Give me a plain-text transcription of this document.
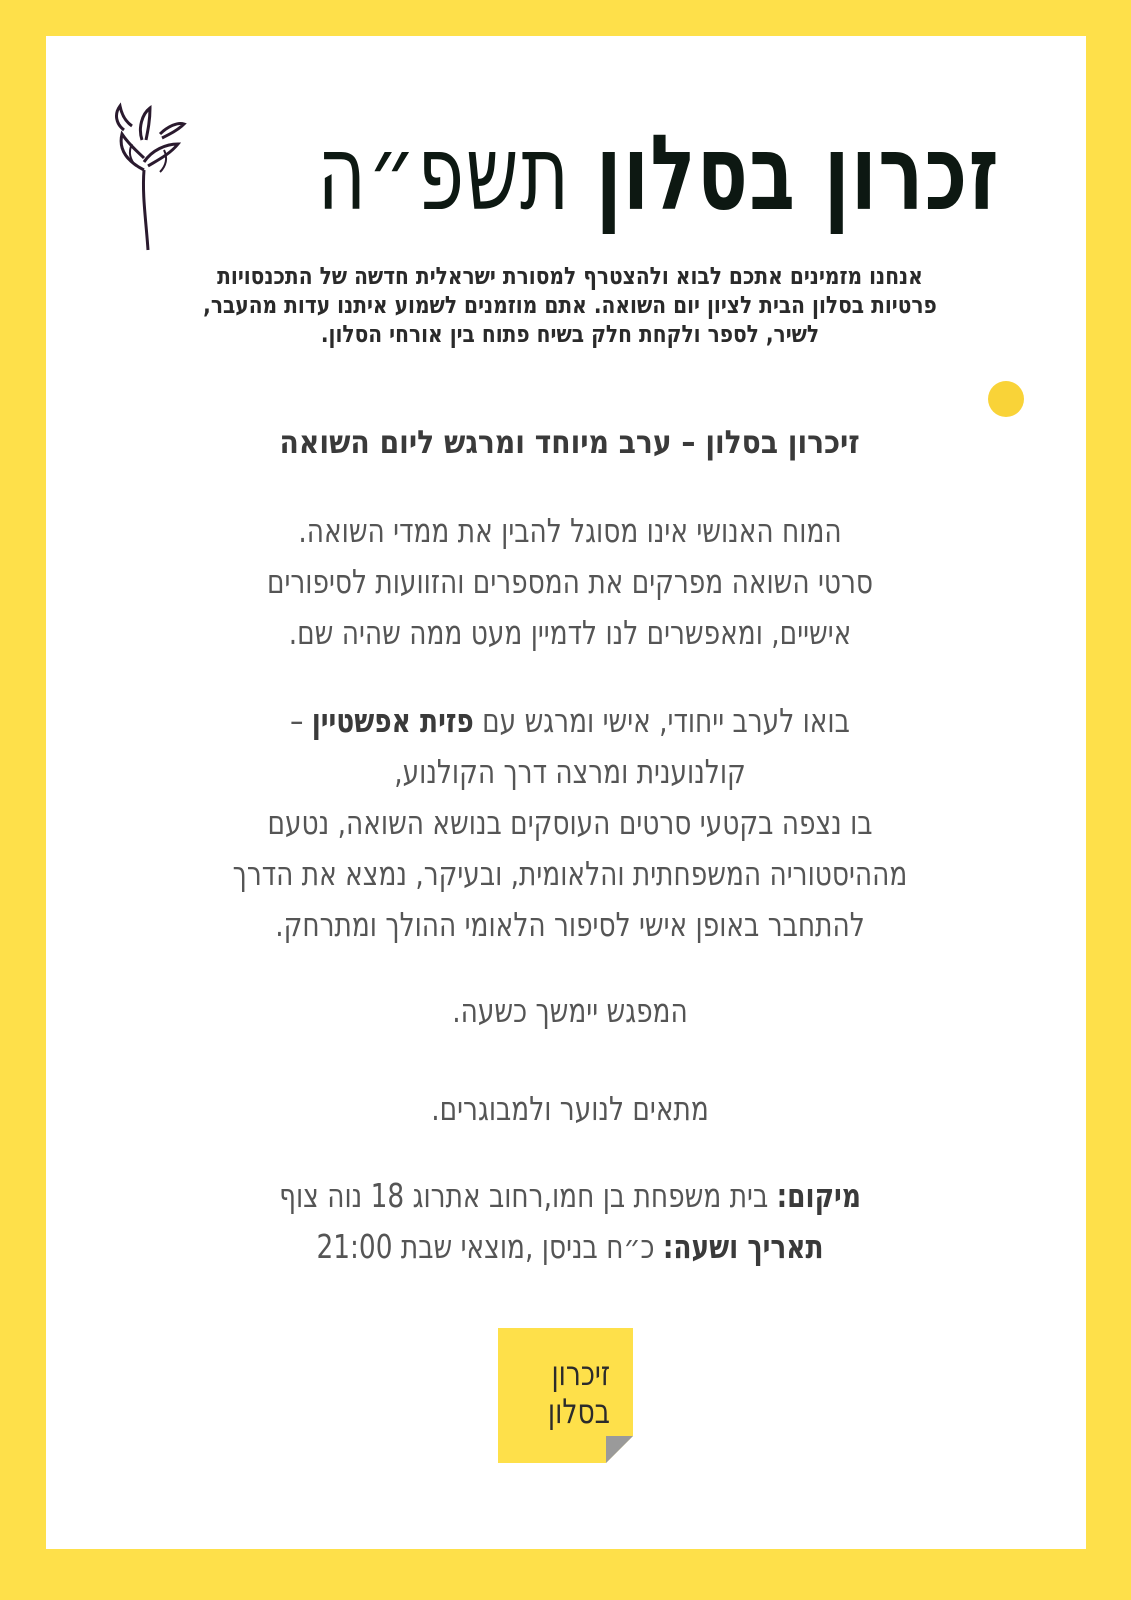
זכרון בסלון תשפ״ה
אנחנו מזמינים אתכם לבוא ולהצטרף למסורת ישראלית חדשה של התכנסויות
פרטיות בסלון הבית לציון יום השואה. אתם מוזמנים לשמוע איתנו עדות מהעבר,
לשיר, לספר ולקחת חלק בשיח פתוח בין אורחי הסלון.
זיכרון בסלון – ערב מיוחד ומרגש ליום השואה
המוח האנושי אינו מסוגל להבין את ממדי השואה.
סרטי השואה מפרקים את המספרים והזוועות לסיפורים
אישיים, ומאפשרים לנו לדמיין מעט ממה שהיה שם.
בואו לערב ייחודי, אישי ומרגש עם פזית אפשטיין –
קולנוענית ומרצה דרך הקולנוע,
בו נצפה בקטעי סרטים העוסקים בנושא השואה, נטעם
מההיסטוריה המשפחתית והלאומית, ובעיקר, נמצא את הדרך
להתחבר באופן אישי לסיפור הלאומי ההולך ומתרחק.
המפגש יימשך כשעה.
מתאים לנוער ולמבוגרים.
מיקום: בית משפחת בן חמו,רחוב אתרוג 18 נוה צוף
תאריך ושעה: כ״ח בניסן ,מוצאי שבת 21:00
זיכרון
בסלון
